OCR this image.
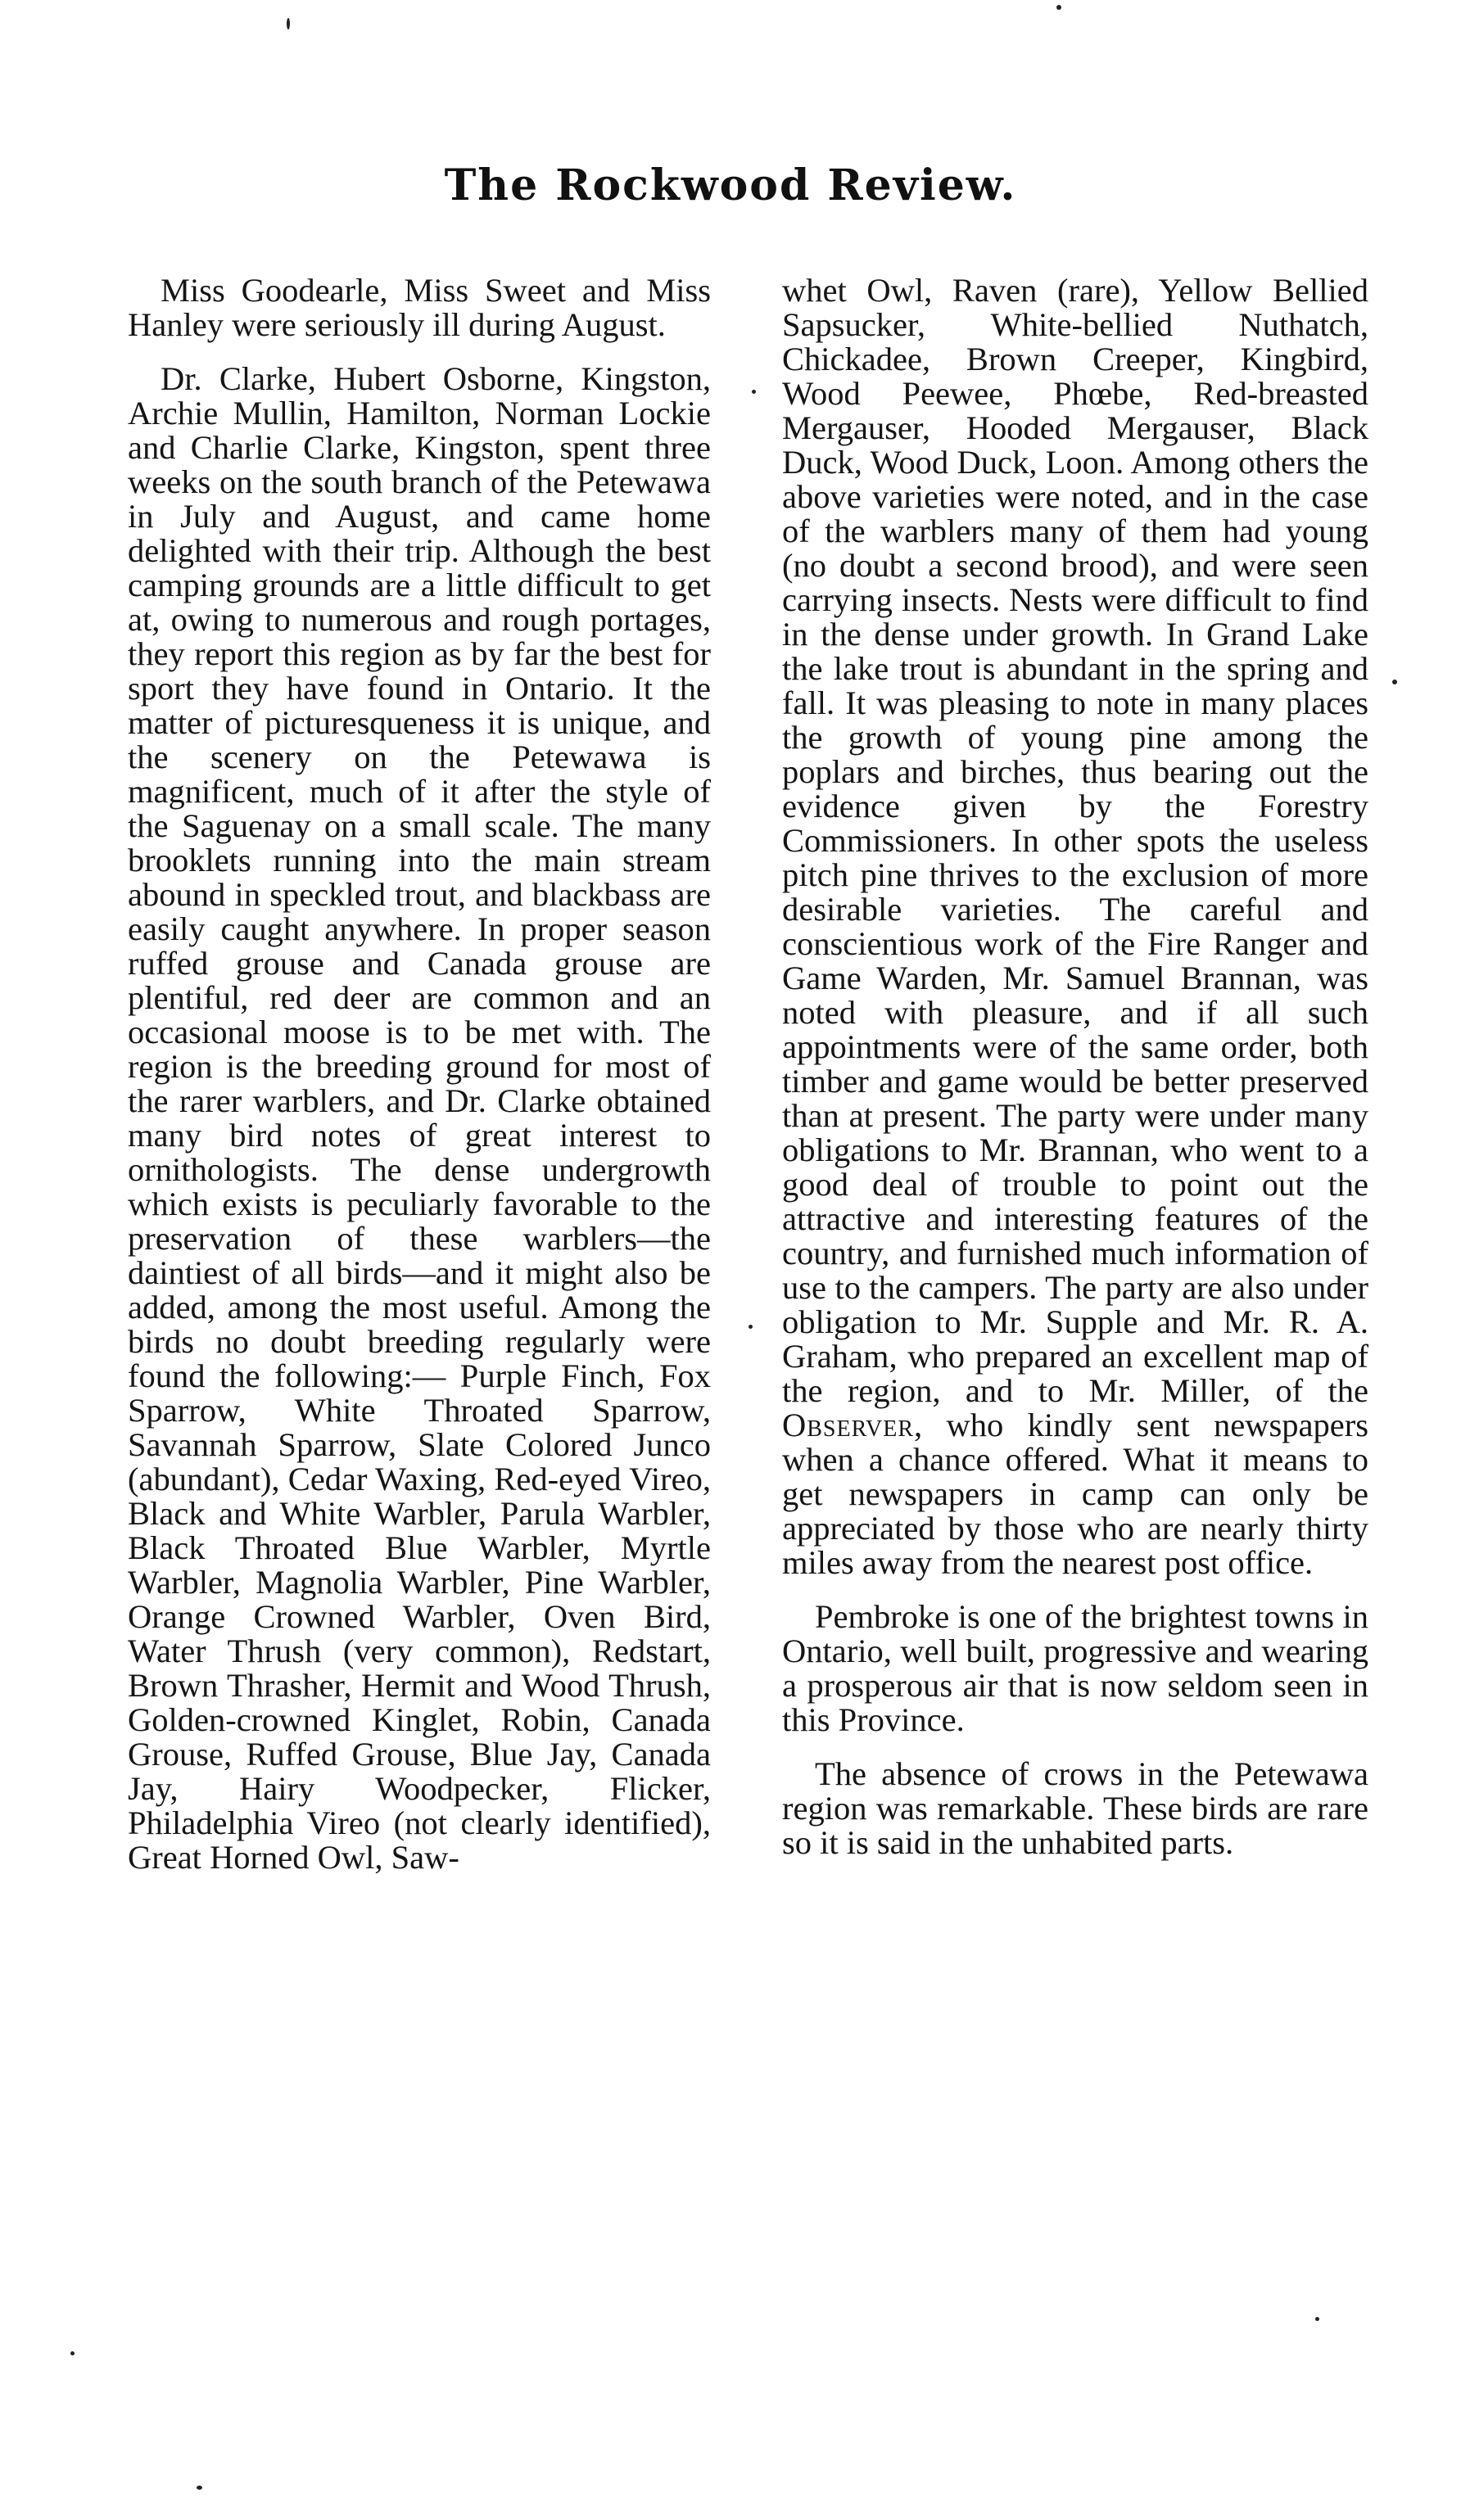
The Rockwood Review.

Miss Goodearle, Miss Sweet and Miss Hanley were seriously ill during August.

Dr. Clarke, Hubert Osborne, Kingston, Archie Mullin, Hamilton, Norman Lockie and Charlie Clarke, Kingston, spent three weeks on the south branch of the Petewawa in July and August, and came home delighted with their trip. Although the best camping grounds are a little difficult to get at, owing to numerous and rough portages, they report this region as by far the best for sport they have found in Ontario. It the matter of picturesqueness it is unique, and the scenery on the Petewawa is magnificent, much of it after the style of the Saguenay on a small scale. The many brooklets running into the main stream abound in speckled trout, and blackbass are easily caught anywhere. In proper season ruffed grouse and Canada grouse are plentiful, red deer are common and an occasional moose is to be met with. The region is the breeding ground for most of the rarer warblers, and Dr. Clarke obtained many bird notes of great interest to ornithologists. The dense undergrowth which exists is peculiarly favorable to the preservation of these warblers—the daintiest of all birds—and it might also be added, among the most useful. Among the birds no doubt breeding regularly were found the following:— Purple Finch, Fox Sparrow, White Throated Sparrow, Savannah Sparrow, Slate Colored Junco (abundant), Cedar Waxing, Red-eyed Vireo, Black and White Warbler, Parula Warbler, Black Throated Blue Warbler, Myrtle Warbler, Magnolia Warbler, Pine Warbler, Orange Crowned Warbler, Oven Bird, Water Thrush (very common), Redstart, Brown Thrasher, Hermit and Wood Thrush, Golden-crowned Kinglet, Robin, Canada Grouse, Ruffed Grouse, Blue Jay, Canada Jay, Hairy Woodpecker, Flicker, Philadelphia Vireo (not clearly identified), Great Horned Owl, Saw-

whet Owl, Raven (rare), Yellow Bellied Sapsucker, White-bellied Nuthatch, Chickadee, Brown Creeper, Kingbird, Wood Peewee, Phœbe, Red-breasted Mergauser, Hooded Mergauser, Black Duck, Wood Duck, Loon. Among others the above varieties were noted, and in the case of the warblers many of them had young (no doubt a second brood), and were seen carrying insects. Nests were difficult to find in the dense under growth. In Grand Lake the lake trout is abundant in the spring and fall. It was pleasing to note in many places the growth of young pine among the poplars and birches, thus bearing out the evidence given by the Forestry Commissioners. In other spots the useless pitch pine thrives to the exclusion of more desirable varieties. The careful and conscientious work of the Fire Ranger and Game Warden, Mr. Samuel Brannan, was noted with pleasure, and if all such appointments were of the same order, both timber and game would be better preserved than at present. The party were under many obligations to Mr. Brannan, who went to a good deal of trouble to point out the attractive and interesting features of the country, and furnished much information of use to the campers. The party are also under obligation to Mr. Supple and Mr. R. A. Graham, who prepared an excellent map of the region, and to Mr. Miller, of the Observer, who kindly sent newspapers when a chance offered. What it means to get newspapers in camp can only be appreciated by those who are nearly thirty miles away from the nearest post office.

Pembroke is one of the brightest towns in Ontario, well built, progressive and wearing a prosperous air that is now seldom seen in this Province.

The absence of crows in the Petewawa region was remarkable. These birds are rare so it is said in the unhabited parts.
